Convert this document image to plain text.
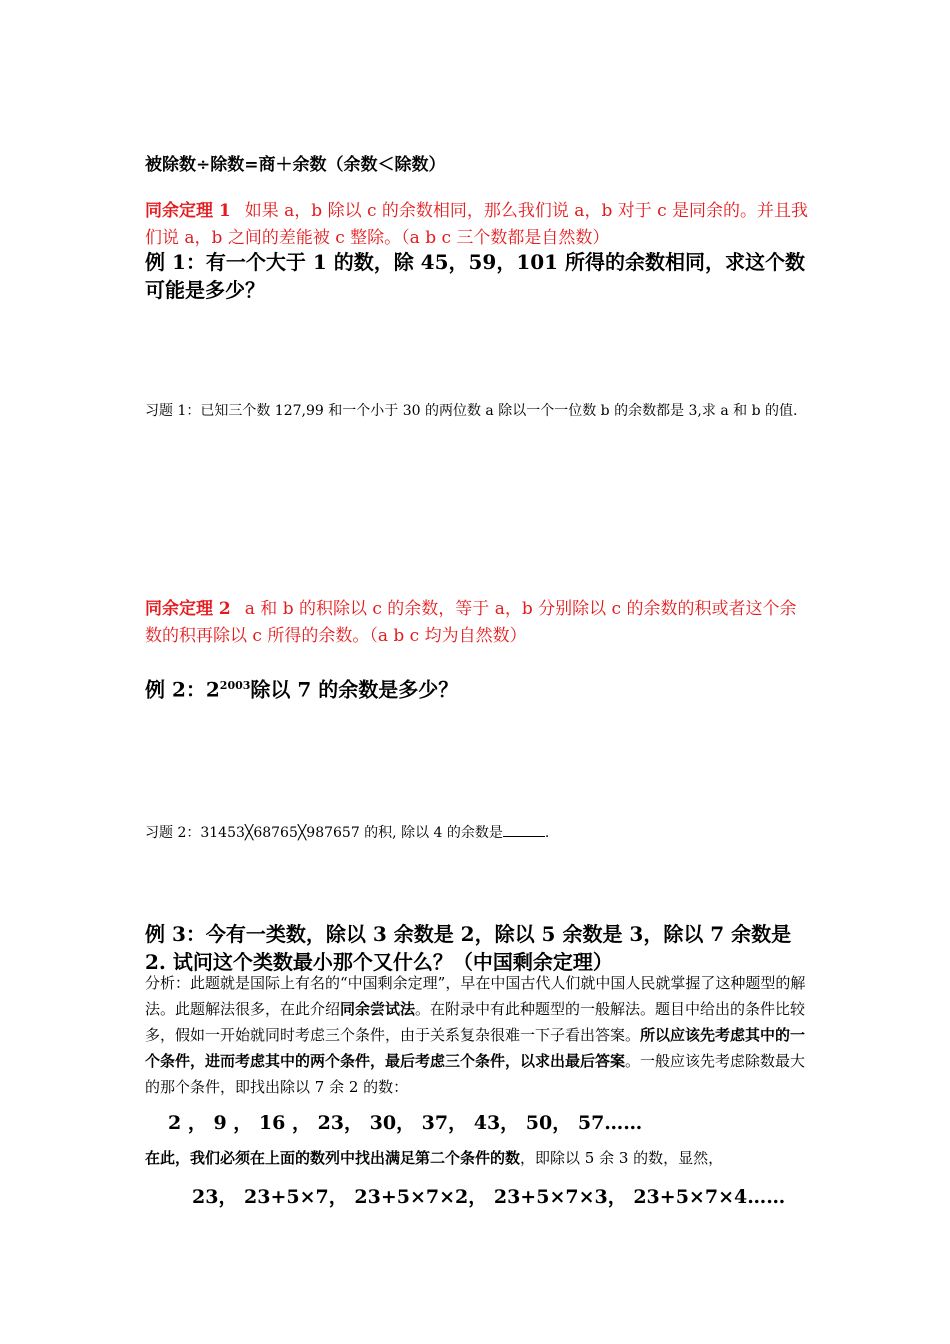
被除数÷除数=商＋余数（余数＜除数）

同余定理 1 如果 a，b 除以 c 的余数相同，那么我们说 a，b 对于 c 是同余的。并且我们说 a，b 之间的差能被 c 整除。（a b c 三个数都是自然数）

例 1：有一个大于 1 的数，除 45，59，101 所得的余数相同，求这个数可能是多少？

习题 1：已知三个数 127,99 和一个小于 30 的两位数 a 除以一个一位数 b 的余数都是 3,求 a 和 b 的值.

同余定理 2 a 和 b 的积除以 c 的余数，等于 a，b 分别除以 c 的余数的积或者这个余数的积再除以 c 所得的余数。（a b c 均为自然数）

例 2：$2^{2003}$除以 7 的余数是多少？

习题 2：31453╳68765╳987657 的积, 除以 4 的余数是	.

例 3：今有一类数，除以 3 余数是 2，除以 5 余数是 3，除以 7 余数是 2. 试问这个类数最小那个又什么？（中国剩余定理）

分析：此题就是国际上有名的“中国剩余定理”，早在中国古代人们就中国人民就掌握了这种题型的解法。此题解法很多，在此介绍同余尝试法。在附录中有此种题型的一般解法。题目中给出的条件比较多，假如一开始就同时考虑三个条件，由于关系复杂很难一下子看出答案。所以应该先考虑其中的一个条件，进而考虑其中的两个条件，最后考虑三个条件，以求出最后答案。一般应该先考虑除数最大的那个条件，即找出除以 7 余 2 的数：

2 ， 9 ， 16 ， 23， 30， 37， 43， 50， 57……

在此，我们必须在上面的数列中找出满足第二个条件的数，即除以 5 余 3 的数，显然，

23， 23+5×7， 23+5×7×2， 23+5×7×3， 23+5×7×4……
